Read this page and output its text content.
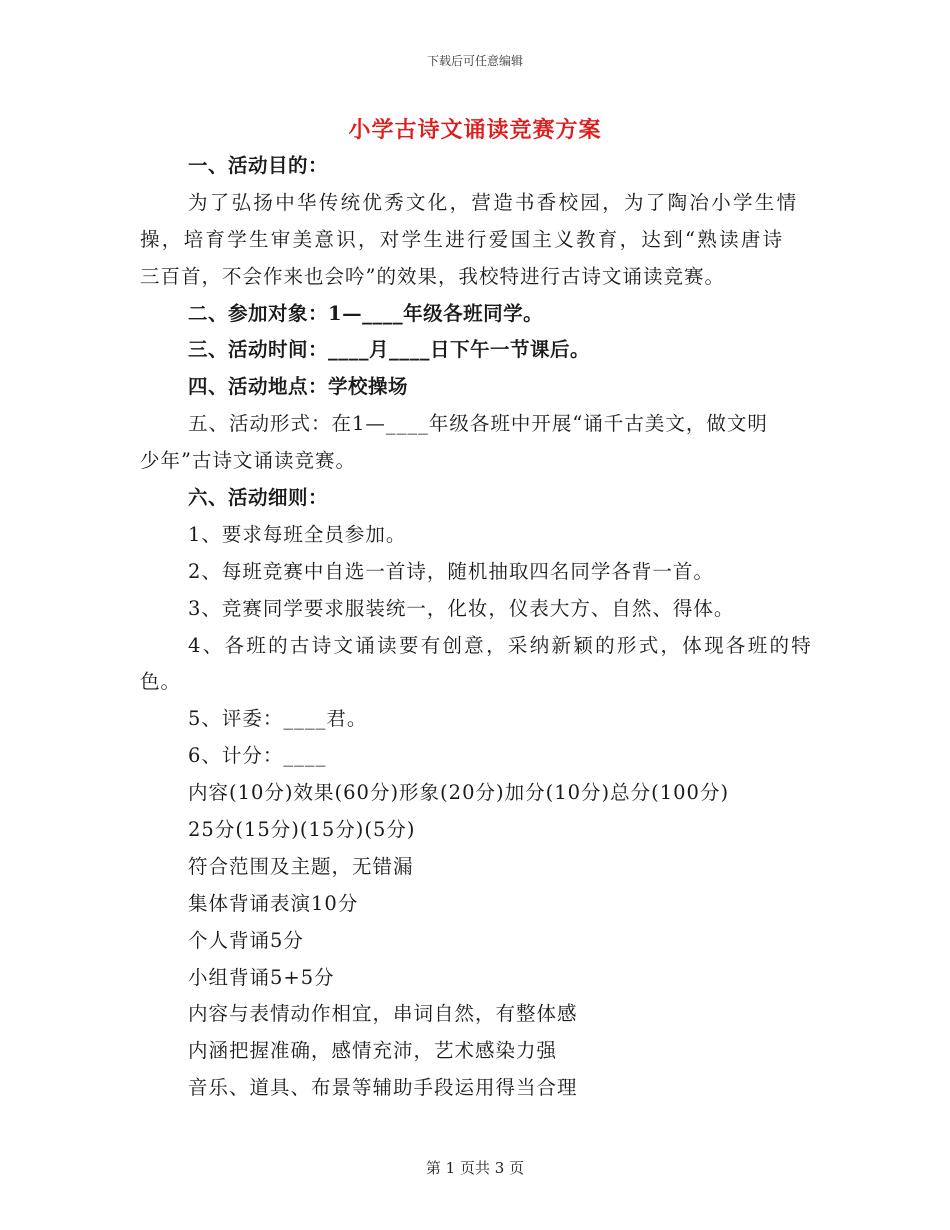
下载后可任意编辑
小学古诗文诵读竞赛方案
一、活动目的：
为了弘扬中华传统优秀文化，营造书香校园，为了陶冶小学生情
操，培育学生审美意识，对学生进行爱国主义教育，达到“熟读唐诗
三百首，不会作来也会吟”的效果，我校特进行古诗文诵读竞赛。
二、参加对象：1—____年级各班同学。
三、活动时间：____月____日下午一节课后。
四、活动地点：学校操场
五、活动形式：在1—____年级各班中开展“诵千古美文，做文明
少年”古诗文诵读竞赛。
六、活动细则：
1、要求每班全员参加。
2、每班竞赛中自选一首诗，随机抽取四名同学各背一首。
3、竞赛同学要求服装统一，化妆，仪表大方、自然、得体。
4、各班的古诗文诵读要有创意，采纳新颖的形式，体现各班的特
色。
5、评委：____君。
6、计分：____
内容(10分)效果(60分)形象(20分)加分(10分)总分(100分)
25分(15分)(15分)(5分)
符合范围及主题，无错漏
集体背诵表演10分
个人背诵5分
小组背诵5+5分
内容与表情动作相宜，串词自然，有整体感
内涵把握准确，感情充沛，艺术感染力强
音乐、道具、布景等辅助手段运用得当合理
第 1 页共 3 页
